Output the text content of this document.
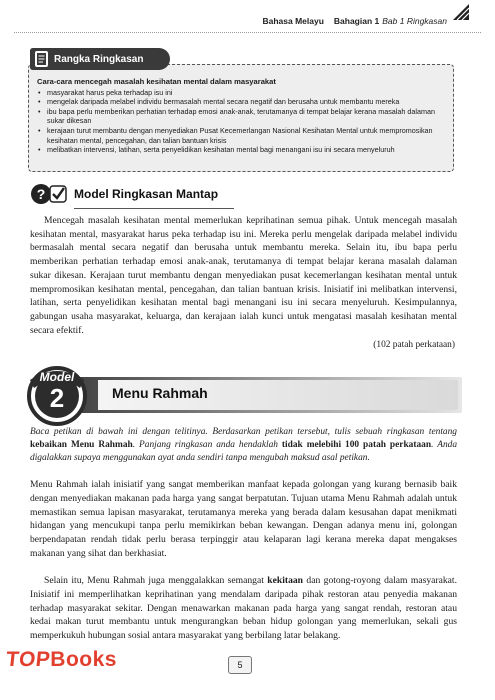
Bahasa Melayu Bahagian 1 Bab 1 Ringkasan
Cara-cara mencegah masalah kesihatan mental dalam masyarakat
• masyarakat harus peka terhadap isu ini
• mengelak daripada melabel individu bermasalah mental secara negatif dan berusaha untuk membantu mereka
• ibu bapa perlu memberikan perhatian terhadap emosi anak-anak, terutamanya di tempat belajar kerana masalah dalaman sukar dikesan
• kerajaan turut membantu dengan menyediakan Pusat Kecemerlangan Nasional Kesihatan Mental untuk mempromosikan kesihatan mental, pencegahan, dan talian bantuan krisis
• melibatkan intervensi, latihan, serta penyelidikan kesihatan mental bagi menangani isu ini secara menyeluruh
Rangka Ringkasan
? Model Ringkasan Mantap

Mencegah masalah kesihatan mental memerlukan keprihatinan semua pihak. Untuk mencegah masalah kesihatan mental, masyarakat harus peka terhadap isu ini. Mereka perlu mengelak daripada melabel individu bermasalah mental secara negatif dan berusaha untuk membantu mereka. Selain itu, ibu bapa perlu memberikan perhatian terhadap emosi anak-anak, terutamanya di tempat belajar kerana masalah dalaman sukar dikesan. Kerajaan turut membantu dengan menyediakan pusat kecemerlangan kesihatan mental untuk mempromosikan kesihatan mental, pencegahan, dan talian bantuan krisis. Inisiatif ini melibatkan intervensi, latihan, serta penyelidikan kesihatan mental bagi menangani isu ini secara menyeluruh. Kesimpulannya, gabungan usaha masyarakat, keluarga, dan kerajaan ialah kunci untuk mengatasi masalah kesihatan mental secara efektif.

(102 patah perkataan)
Model
2	Menu Rahmah

Baca petikan di bawah ini dengan telitinya. Berdasarkan petikan tersebut, tulis sebuah ringkasan tentang kebaikan Menu Rahmah. Panjang ringkasan anda hendaklah tidak melebihi 100 patah perkataan. Anda digalakkan supaya menggunakan ayat anda sendiri tanpa mengubah maksud asal petikan.

Menu Rahmah ialah inisiatif yang sangat memberikan manfaat kepada golongan yang kurang bernasib baik dengan menyediakan makanan pada harga yang sangat berpatutan. Tujuan utama Menu Rahmah adalah untuk memastikan semua lapisan masyarakat, terutamanya mereka yang berada dalam kesusahan dapat menikmati hidangan yang mencukupi tanpa perlu memikirkan beban kewangan. Dengan adanya menu ini, golongan berpendapatan rendah tidak perlu berasa terpinggir atau kelaparan lagi kerana mereka dapat mengakses makanan yang sihat dan berkhasiat.

Selain itu, Menu Rahmah juga menggalakkan semangat kekitaan dan gotong-royong dalam masyarakat. Inisiatif ini memperlihatkan keprihatinan yang mendalam daripada pihak restoran atau penyedia makanan terhadap masyarakat sekitar. Dengan menawarkan makanan pada harga yang sangat rendah, restoran atau kedai makan turut membantu untuk mengurangkan beban hidup golongan yang memerlukan, sekali gus memperkukuh hubungan sosial antara masyarakat yang berbilang latar belakang.

5
TOPBooks
